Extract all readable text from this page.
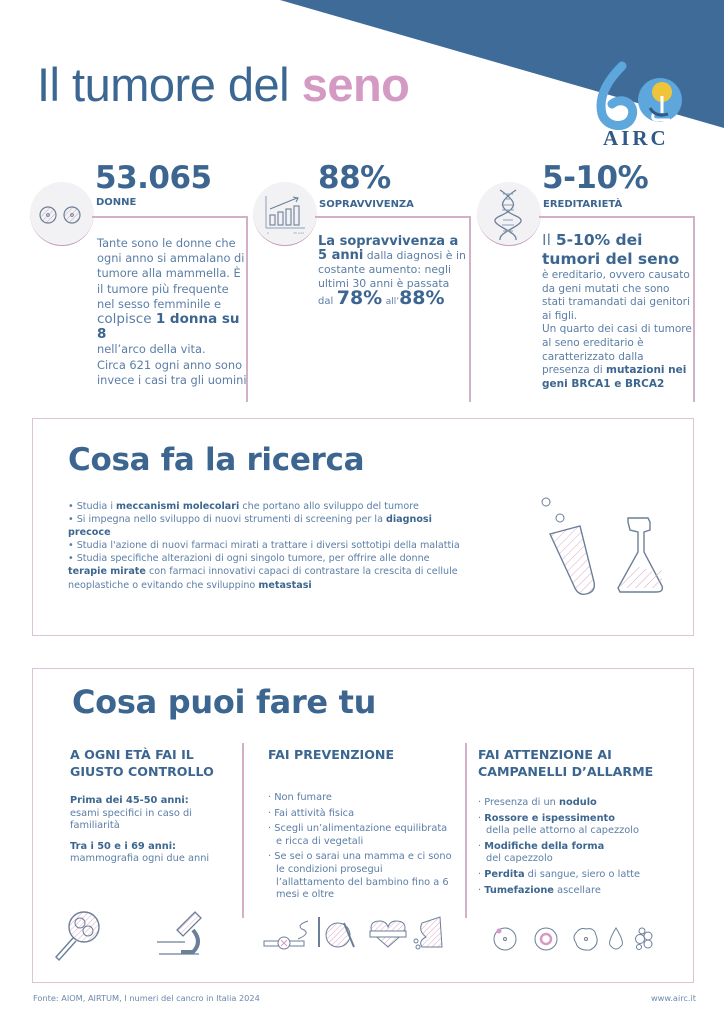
Il tumore del seno
AIRC
53.065
DONNE
Tante sono le donne che ogni anno si ammalano di tumore alla mammella. È il tumore più frequente nel sesso femminile e colpisce 1 donna su 8
nell’arco della vita.
Circa 621 ogni anno sono invece i casi tra gli uomini
0	30 anni
88%
SOPRAVVIVENZA
La sopravvivenza a 5 anni dalla diagnosi è in costante aumento: negli ultimi 30 anni è passata
dal 78% all’88%
5-10%
EREDITARIETÀ
Il 5-10% dei tumori del seno
è ereditario, ovvero causato da geni mutati che sono stati tramandati dai genitori ai figli.
Un quarto dei casi di tumore al seno ereditario è caratterizzato dalla presenza di mutazioni nei geni BRCA1 e BRCA2
Cosa fa la ricerca
• Studia i meccanismi molecolari che portano allo sviluppo del tumore
• Si impegna nello sviluppo di nuovi strumenti di screening per la diagnosi precoce
• Studia l'azione di nuovi farmaci mirati a trattare i diversi sottotipi della malattia
• Studia specifiche alterazioni di ogni singolo tumore, per offrire alle donne terapie mirate con farmaci innovativi capaci di contrastare la crescita di cellule neoplastiche o evitando che sviluppino metastasi
Cosa puoi fare tu
A OGNI ETÀ FAI IL GIUSTO CONTROLLO
Prima dei 45-50 anni:
esami specifici in caso di familiarità
Tra i 50 e i 69 anni:
mammografia ogni due anni
FAI PREVENZIONE
· Non fumare
· Fai attività fisica
· Scegli un’alimentazione equilibrata e ricca di vegetali
· Se sei o sarai una mamma e ci sono le condizioni prosegui l’allattamento del bambino fino a 6 mesi e oltre
FAI ATTENZIONE AI CAMPANELLI D’ALLARME
· Presenza di un nodulo
· Rossore e ispessimento
della pelle attorno al capezzolo
· Modifiche della forma
del capezzolo
· Perdita di sangue, siero o latte
· Tumefazione ascellare
Fonte: AIOM, AIRTUM, I numeri del cancro in Italia 2024	www.airc.it
